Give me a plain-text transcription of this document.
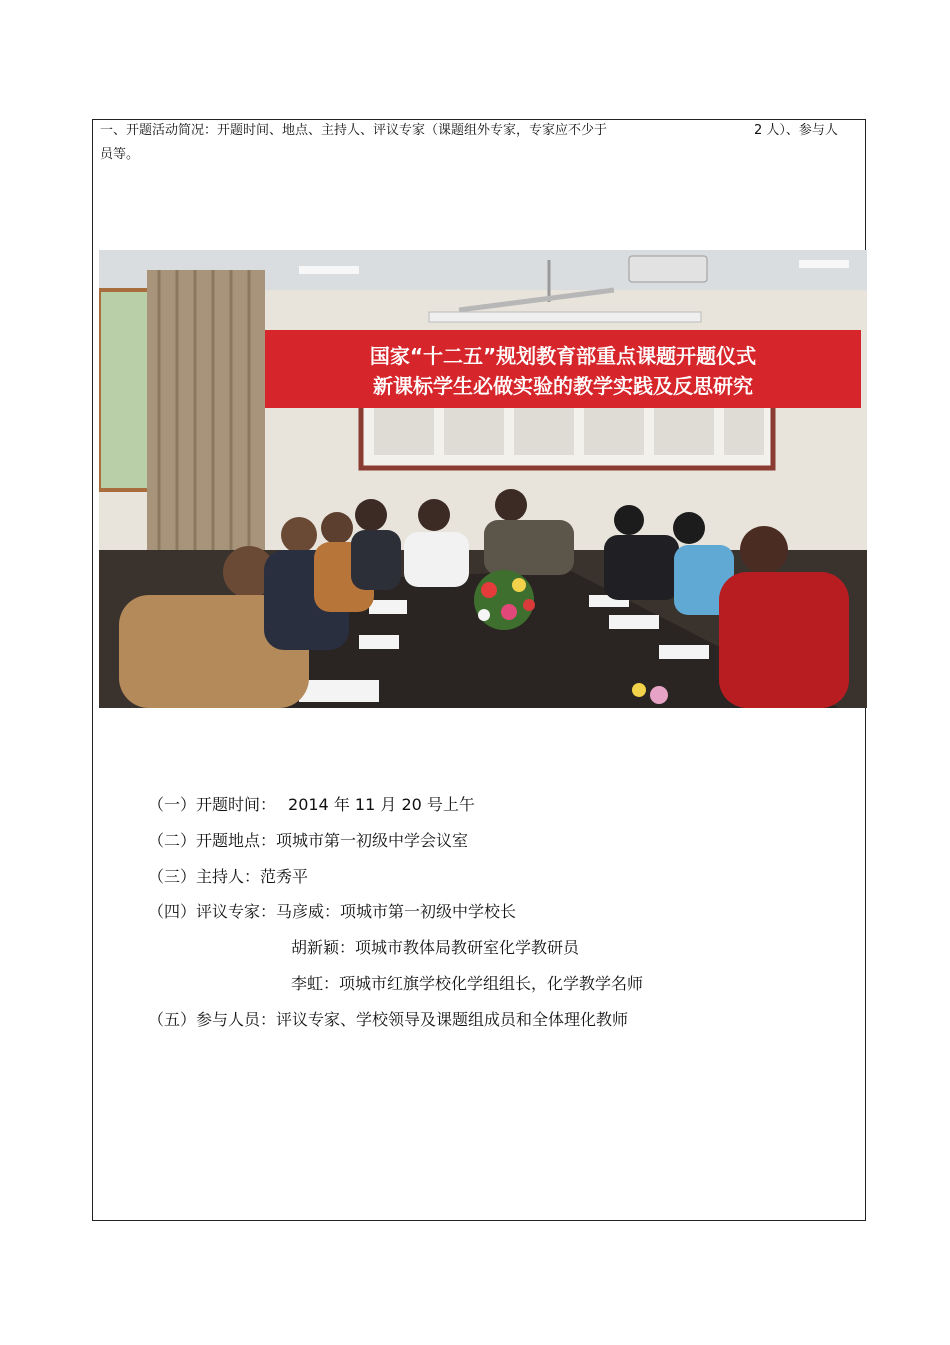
一、开题活动简况：开题时间、地点、主持人、评议专家（课题组外专家，专家应不少于	2 人）、参与人
员等。
国家“十二五”规划教育部重点课题开题仪式
新课标学生必做实验的教学实践及反思研究
（一）开题时间： 2014 年 11 月 20 号上午
（二）开题地点：项城市第一初级中学会议室
（三）主持人：范秀平
（四）评议专家：马彦威：项城市第一初级中学校长
胡新颖：项城市教体局教研室化学教研员
李虹：项城市红旗学校化学组组长，化学教学名师
（五）参与人员：评议专家、学校领导及课题组成员和全体理化教师
